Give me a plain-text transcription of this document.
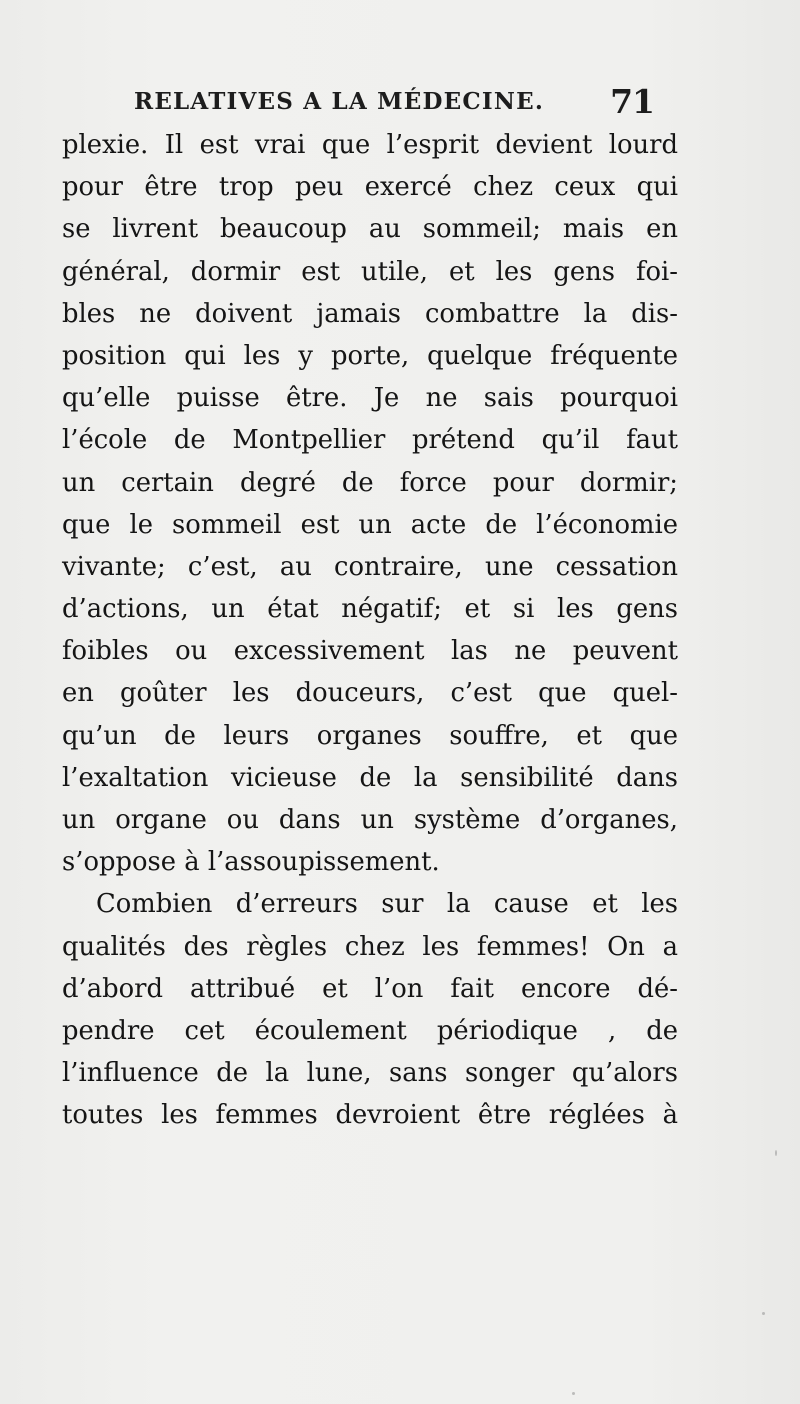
RELATIVES A LA MÉDECINE. 71
plexie. Il est vrai que l’esprit devient lourd
pour être trop peu exercé chez ceux qui
se livrent beaucoup au sommeil; mais en
général, dormir est utile, et les gens foi-
bles ne doivent jamais combattre la dis-
position qui les y porte, quelque fréquente
qu’elle puisse être. Je ne sais pourquoi
l’école de Montpellier prétend qu’il faut
un certain degré de force pour dormir;
que le sommeil est un acte de l’économie
vivante; c’est, au contraire, une cessation
d’actions, un état négatif; et si les gens
foibles ou excessivement las ne peuvent
en goûter les douceurs, c’est que quel-
qu’un de leurs organes souffre, et que
l’exaltation vicieuse de la sensibilité dans
un organe ou dans un système d’organes,
s’oppose à l’assoupissement.
Combien d’erreurs sur la cause et les
qualités des règles chez les femmes! On a
d’abord attribué et l’on fait encore dé-
pendre cet écoulement périodique , de
l’influence de la lune, sans songer qu’alors
toutes les femmes devroient être réglées à
